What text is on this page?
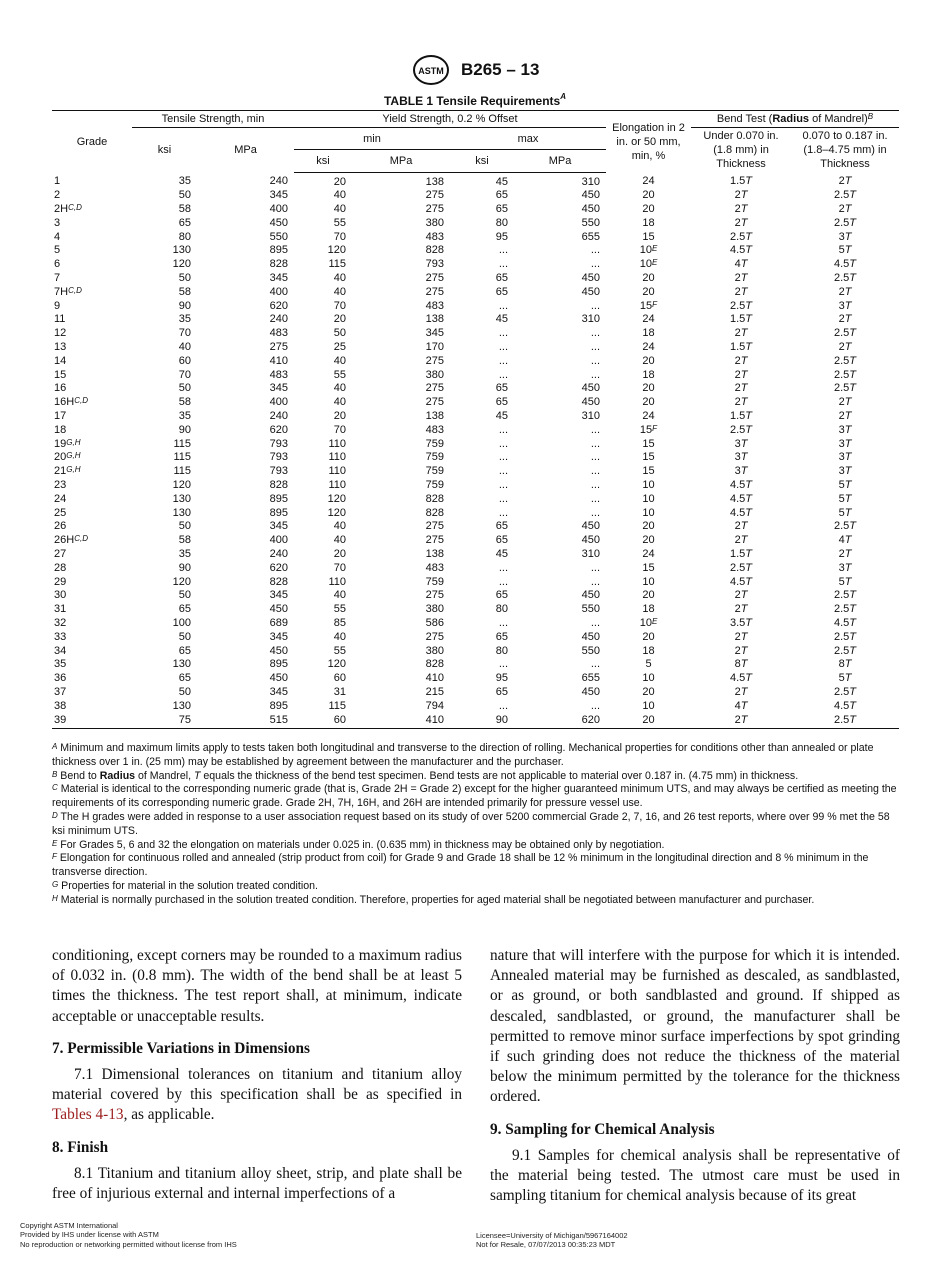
ASTM B265 – 13
TABLE 1 Tensile Requirements$^A$
Grade	Tensile Strength, min		Yield Strength, 0.2 % Offset				Elongation in 2 in. or 50 mm, min, %	Bend Test (Radius of Mandrel)$^B$
	ksi	MPa	min		max			Under 0.070 in. (1.8 mm) in Thickness	0.070 to 0.187 in. (1.8–4.75 mm) in Thickness
			ksi	MPa	ksi	MPa			
1	35	240	20	138	45	310	24	1.5T	2T
2	50	345	40	275	65	450	20	2T	2.5T
$2H^{C,D}$	58	400	40	275	65	450	20	2T	2T
3	65	450	55	380	80	550	18	2T	2.5T
4	80	550	70	483	95	655	15	2.5T	3T
5	130	895	120	828	...	...	$10^E$	4.5T	5T
6	120	828	115	793	...	...	$10^E$	4T	4.5T
7	50	345	40	275	65	450	20	2T	2.5T
$7H^{C,D}$	58	400	40	275	65	450	20	2T	2T
9	90	620	70	483	...	...	$15^F$	2.5T	3T
11	35	240	20	138	45	310	24	1.5T	2T
12	70	483	50	345	...	...	18	2T	2.5T
13	40	275	25	170	...	...	24	1.5T	2T
14	60	410	40	275	...	...	20	2T	2.5T
15	70	483	55	380	...	...	18	2T	2.5T
16	50	345	40	275	65	450	20	2T	2.5T
$16H^{C,D}$	58	400	40	275	65	450	20	2T	2T
17	35	240	20	138	45	310	24	1.5T	2T
18	90	620	70	483	...	...	$15^F$	2.5T	3T
$19^{G,H}$	115	793	110	759	...	...	15	3T	3T
$20^{G,H}$	115	793	110	759	...	...	15	3T	3T
$21^{G,H}$	115	793	110	759	...	...	15	3T	3T
23	120	828	110	759	...	...	10	4.5T	5T
24	130	895	120	828	...	...	10	4.5T	5T
25	130	895	120	828	...	...	10	4.5T	5T
26	50	345	40	275	65	450	20	2T	2.5T
$26H^{C,D}$	58	400	40	275	65	450	20	2T	4T
27	35	240	20	138	45	310	24	1.5T	2T
28	90	620	70	483	...	...	15	2.5T	3T
29	120	828	110	759	...	...	10	4.5T	5T
30	50	345	40	275	65	450	20	2T	2.5T
31	65	450	55	380	80	550	18	2T	2.5T
32	100	689	85	586	...	...	$10^E$	3.5T	4.5T
33	50	345	40	275	65	450	20	2T	2.5T
34	65	450	55	380	80	550	18	2T	2.5T
35	130	895	120	828	...	...	5	8T	8T
36	65	450	60	410	95	655	10	4.5T	5T
37	50	345	31	215	65	450	20	2T	2.5T
38	130	895	115	794	...	...	10	4T	4.5T
39	75	515	60	410	90	620	20	2T	2.5T

$^A$ Minimum and maximum limits apply to tests taken both longitudinal and transverse to the direction of rolling. Mechanical properties for conditions other than annealed or plate thickness over 1 in. (25 mm) may be established by agreement between the manufacturer and the purchaser.

$^B$ Bend to Radius of Mandrel, T equals the thickness of the bend test specimen. Bend tests are not applicable to material over 0.187 in. (4.75 mm) in thickness.

$^C$ Material is identical to the corresponding numeric grade (that is, Grade 2H = Grade 2) except for the higher guaranteed minimum UTS, and may always be certified as meeting the requirements of its corresponding numeric grade. Grade 2H, 7H, 16H, and 26H are intended primarily for pressure vessel use.

$^D$ The H grades were added in response to a user association request based on its study of over 5200 commercial Grade 2, 7, 16, and 26 test reports, where over 99 % met the 58 ksi minimum UTS.

$^E$ For Grades 5, 6 and 32 the elongation on materials under 0.025 in. (0.635 mm) in thickness may be obtained only by negotiation.

$^F$ Elongation for continuous rolled and annealed (strip product from coil) for Grade 9 and Grade 18 shall be 12 % minimum in the longitudinal direction and 8 % minimum in the transverse direction.

$^G$ Properties for material in the solution treated condition.

$^H$ Material is normally purchased in the solution treated condition. Therefore, properties for aged material shall be negotiated between manufacturer and purchaser.

conditioning, except corners may be rounded to a maximum radius of 0.032 in. (0.8 mm). The width of the bend shall be at least 5 times the thickness. The test report shall, at minimum, indicate acceptable or unacceptable results.

7. Permissible Variations in Dimensions

7.1 Dimensional tolerances on titanium and titanium alloy material covered by this specification shall be as specified in Tables 4-13, as applicable.

8. Finish

8.1 Titanium and titanium alloy sheet, strip, and plate shall be free of injurious external and internal imperfections of a

nature that will interfere with the purpose for which it is intended. Annealed material may be furnished as descaled, as sandblasted, or as ground, or both sandblasted and ground. If shipped as descaled, sandblasted, or ground, the manufacturer shall be permitted to remove minor surface imperfections by spot grinding if such grinding does not reduce the thickness of the material below the minimum permitted by the tolerance for the thickness ordered.

9. Sampling for Chemical Analysis

9.1 Samples for chemical analysis shall be representative of the material being tested. The utmost care must be used in sampling titanium for chemical analysis because of its great

Copyright ASTM International
Provided by IHS under license with ASTM
No reproduction or networking permitted without license from IHS
Licensee=University of Michigan/5967164002
Not for Resale, 07/07/2013 00:35:23 MDT
